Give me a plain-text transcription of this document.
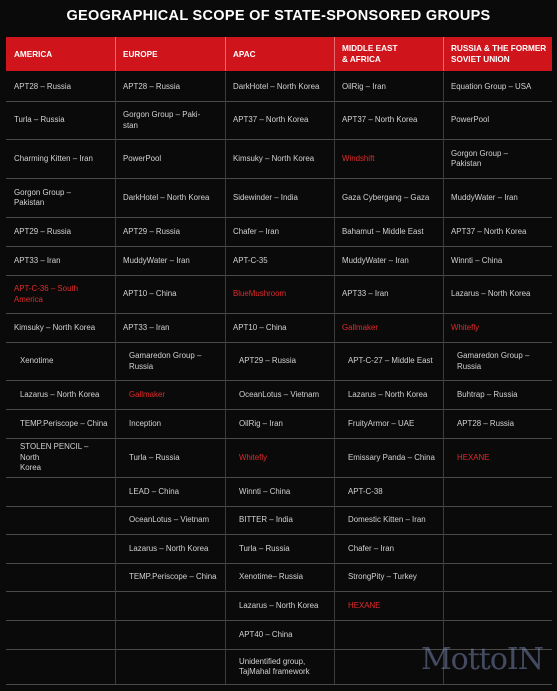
GEOGRAPHICAL SCOPE OF STATE-SPONSORED GROUPS
AMERICA	EUROPE	APAC
MIDDLE EAST
& AFRICA
RUSSIA & THE FORMER
SOVIET UNION
APT28 – Russia
Turla – Russia
Charming Kitten – Iran
Gorgon Group –
Pakistan
APT29 – Russia
APT33 – Iran
APT-C-36 – South
America
Kimsuky – North Korea
Xenotime
Lazarus – North Korea
TEMP.Periscope – China
STOLEN PENCIL – North
Korea
APT28 – Russia
Gorgon Group – Paki-
stan
PowerPool
DarkHotel – North Korea
APT29 – Russia
MuddyWater – Iran
APT10 – China
APT33 – Iran
Gamaredon Group –
Russia
Gallmaker
Inception
Turla – Russia
LEAD – China
OceanLotus – Vietnam
Lazarus – North Korea
TEMP.Periscope – China
DarkHotel – North Korea
APT37 – North Korea
Kimsuky – North Korea
Sidewinder – India
Chafer – Iran
APT-C-35
BlueMushroom
APT10 – China
APT29 – Russia
OceanLotus – Vietnam
OilRig – Iran
Whitefly
Winnti – China
BITTER – India
Turla – Russia
Xenotime– Russia
Lazarus – North Korea
APT40 – China
Unidentified group,
TajMahal framework
OilRig – Iran
APT37 – North Korea
Windshift
Gaza Cybergang – Gaza
Bahamut – Middle East
MuddyWater – Iran
APT33 – Iran
Gallmaker
APT-C-27 – Middle East
Lazarus – North Korea
FruityArmor – UAE
Emissary Panda – China
APT-C-38
Domestic Kitten – Iran
Chafer – Iran
StrongPity – Turkey
HEXANE
Equation Group – USA
PowerPool
Gorgon Group –
Pakistan
MuddyWater – Iran
APT37 – North Korea
Winnti – China
Lazarus – North Korea
Whitefly
Gamaredon Group –
Russia
Buhtrap – Russia
APT28 – Russia
HEXANE
MottoIN
